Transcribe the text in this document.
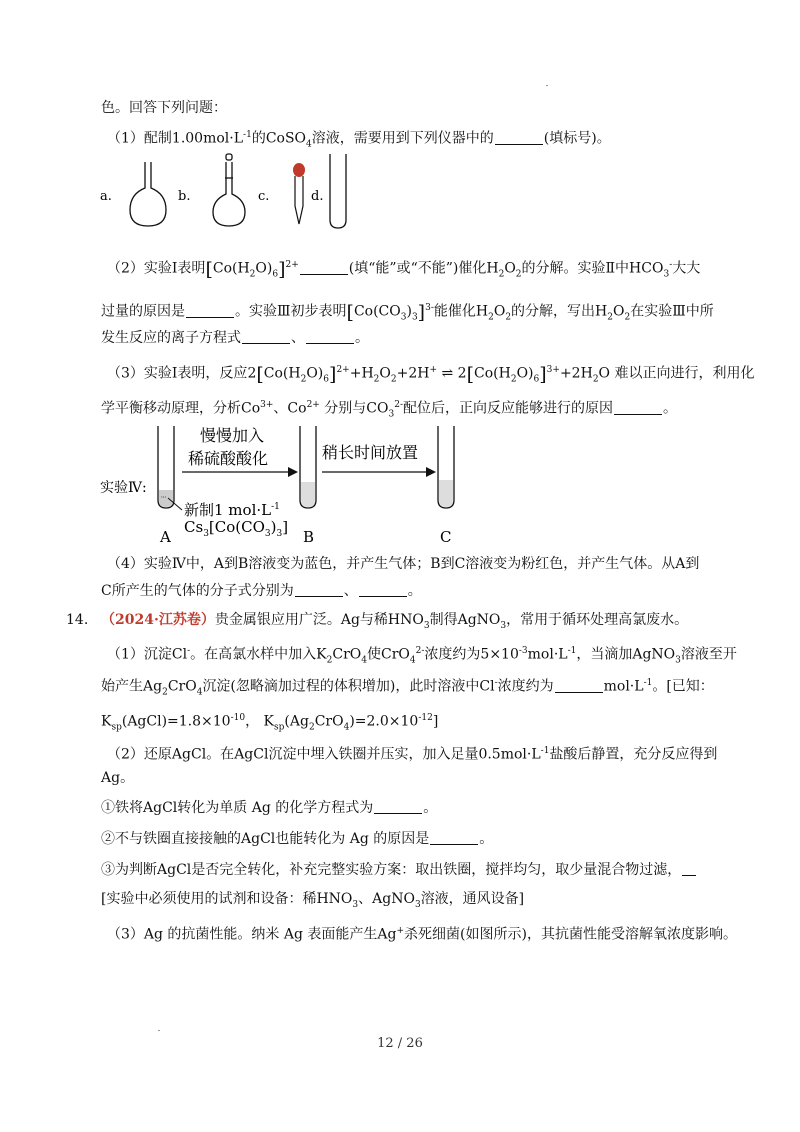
色。回答下列问题：
（1）配制$1.00mol\cdot L^{-1}$的CoSO$_4$溶液，需要用到下列仪器中的	(填标号)。
a.	b.	c.	d.
（2）实验Ⅰ表明$[Co(H_2O)_6]^{2+}$	(填“能”或“不能”)催化$H_2O_2$的分解。实验Ⅱ中$HCO_3^-$大大
过量的原因是	。实验Ⅲ初步表明$[Co(CO_3)_3]^{3-}$能催化$H_2O_2$的分解，写出$H_2O_2$在实验Ⅲ中所
发生反应的离子方程式	、	。
（3）实验Ⅰ表明，反应$2[Co(H_2O)_6]^{2+}+H_2O_2+2H^+$ ⇌ $2[Co(H_2O)_6]^{3+}+2H_2O$ 难以正向进行，利用化
学平衡移动原理，分析$Co^{3+}$、$Co^{2+}$ 分别与$CO_3^{2-}$配位后，正向反应能够进行的原因	。
实验Ⅳ:
:::
慢慢加入
稀硫酸酸化	稍长时间放置
新制1 $mol\cdot L^{-1}$
$Cs_3[Co(CO_3)_3]$
A	B	C
（4）实验Ⅳ中，A到B溶液变为蓝色，并产生气体；B到C溶液变为粉红色，并产生气体。从A到
C所产生的气体的分子式分别为	、	。
14. （2024·江苏卷）贵金属银应用广泛。Ag与稀$HNO_3$制得AgNO$_3$，常用于循环处理高氯废水。
（1）沉淀Cl-。在高氯水样中加入$K_2CrO_4$使CrO$_4^{2-}$浓度约为$5\times 10^{-3}mol\cdot L^{-1}$，当滴加AgNO$_3$溶液至开
始产生$Ag_2CrO_4$沉淀(忽略滴加过程的体积增加)，此时溶液中Cl-浓度约为	$mol\cdot L^{-1}$。[已知：
$K_{sp}(AgCl)=1.8\times 10^{-10}$， $K_{sp}(Ag_2CrO_4)=2.0\times 10^{-12}$]
（2）还原AgCl。在AgCl沉淀中埋入铁圈并压实，加入足量$0.5mol\cdot L^{-1}$盐酸后静置，充分反应得到
Ag。
①铁将AgCl转化为单质 Ag 的化学方程式为	。
②不与铁圈直接接触的AgCl也能转化为 Ag 的原因是	。
③为判断AgCl是否完全转化，补充完整实验方案：取出铁圈，搅拌均匀，取少量混合物过滤，
[实验中必须使用的试剂和设备：稀$HNO_3$、AgNO$_3$溶液，通风设备]
（3）Ag 的抗菌性能。纳米 Ag 表面能产生Ag+杀死细菌(如图所示)，其抗菌性能受溶解氧浓度影响。
12 / 26
